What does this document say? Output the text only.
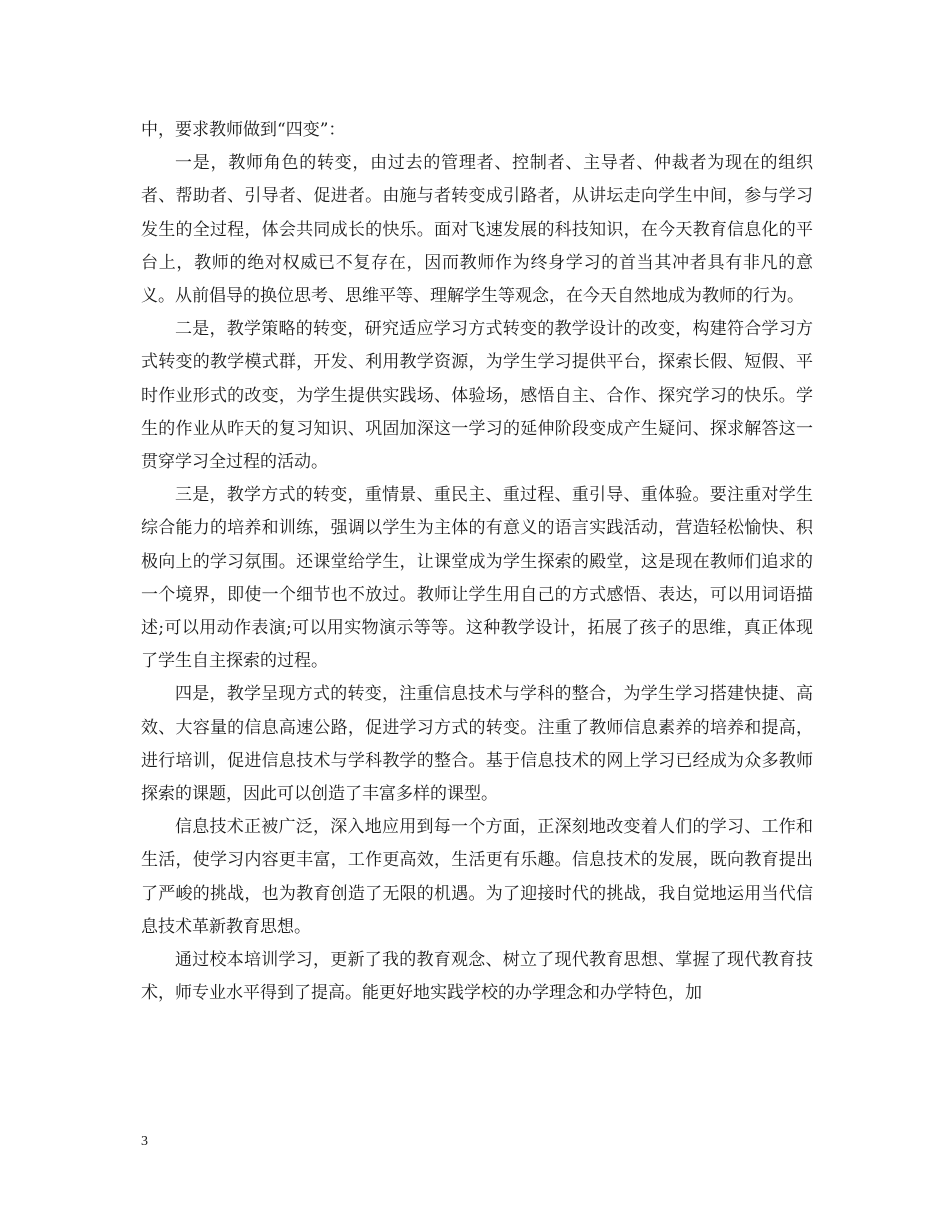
中，要求教师做到“四变”：

一是，教师角色的转变，由过去的管理者、控制者、主导者、仲裁者为现在的组织者、帮助者、引导者、促进者。由施与者转变成引路者，从讲坛走向学生中间，参与学习发生的全过程，体会共同成长的快乐。面对飞速发展的科技知识，在今天教育信息化的平台上，教师的绝对权威已不复存在，因而教师作为终身学习的首当其冲者具有非凡的意义。从前倡导的换位思考、思维平等、理解学生等观念，在今天自然地成为教师的行为。

二是，教学策略的转变，研究适应学习方式转变的教学设计的改变，构建符合学习方式转变的教学模式群，开发、利用教学资源，为学生学习提供平台，探索长假、短假、平时作业形式的改变，为学生提供实践场、体验场，感悟自主、合作、探究学习的快乐。学生的作业从昨天的复习知识、巩固加深这一学习的延伸阶段变成产生疑问、探求解答这一贯穿学习全过程的活动。

三是，教学方式的转变，重情景、重民主、重过程、重引导、重体验。要注重对学生综合能力的培养和训练，强调以学生为主体的有意义的语言实践活动，营造轻松愉快、积极向上的学习氛围。还课堂给学生，让课堂成为学生探索的殿堂，这是现在教师们追求的一个境界，即使一个细节也不放过。教师让学生用自己的方式感悟、表达，可以用词语描述;可以用动作表演;可以用实物演示等等。这种教学设计，拓展了孩子的思维，真正体现了学生自主探索的过程。

四是，教学呈现方式的转变，注重信息技术与学科的整合，为学生学习搭建快捷、高效、大容量的信息高速公路，促进学习方式的转变。注重了教师信息素养的培养和提高，进行培训，促进信息技术与学科教学的整合。基于信息技术的网上学习已经成为众多教师探索的课题，因此可以创造了丰富多样的课型。

信息技术正被广泛，深入地应用到每一个方面，正深刻地改变着人们的学习、工作和生活，使学习内容更丰富，工作更高效，生活更有乐趣。信息技术的发展，既向教育提出了严峻的挑战，也为教育创造了无限的机遇。为了迎接时代的挑战，我自觉地运用当代信息技术革新教育思想。

通过校本培训学习，更新了我的教育观念、树立了现代教育思想、掌握了现代教育技术，师专业水平得到了提高。能更好地实践学校的办学理念和办学特色，加

3
